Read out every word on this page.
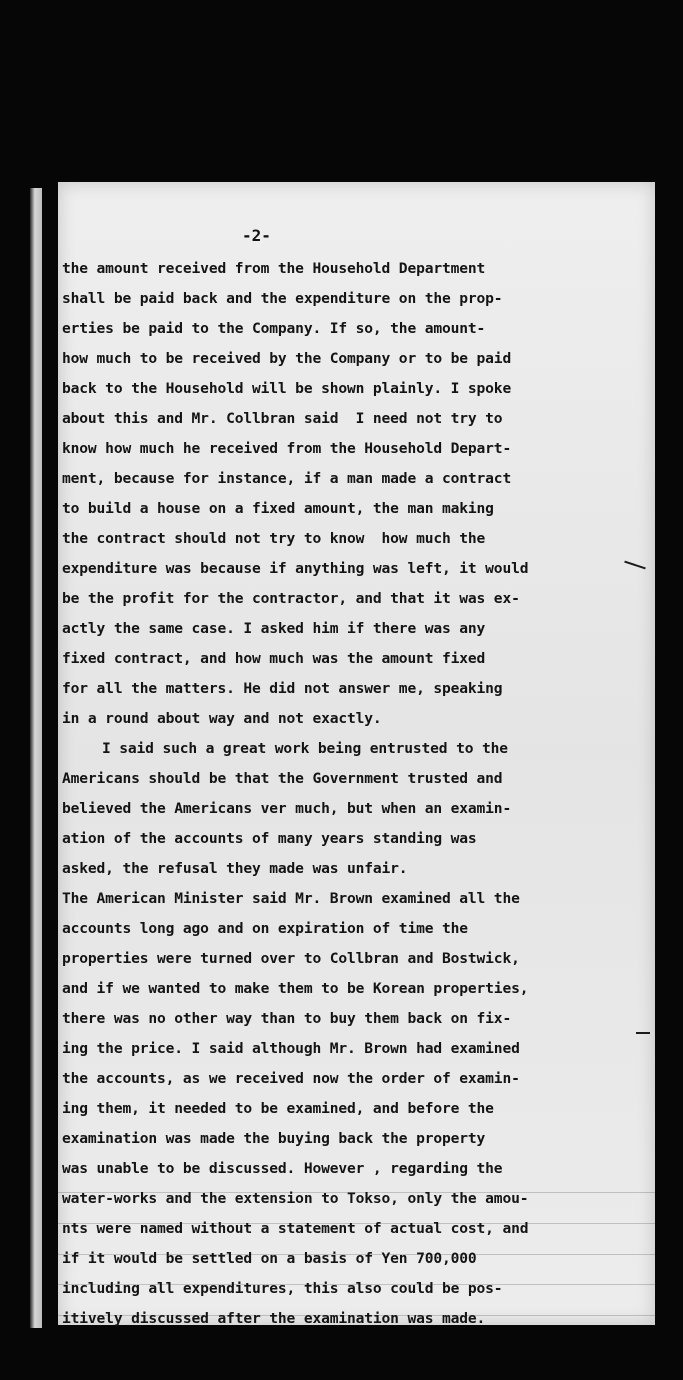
-2-
the amount received from the Household Department
shall be paid back and the expenditure on the prop-
erties be paid to the Company. If so, the amount-
how much to be received by the Company or to be paid
back to the Household will be shown plainly. I spoke
about this and Mr. Collbran said  I need not try to
know how much he received from the Household Depart-
ment, because for instance, if a man made a contract
to build a house on a fixed amount, the man making
the contract should not try to know  how much the
expenditure was because if anything was left, it would
be the profit for the contractor, and that it was ex-
actly the same case. I asked him if there was any
fixed contract, and how much was the amount fixed
for all the matters. He did not answer me, speaking
in a round about way and not exactly.
I said such a great work being entrusted to the
Americans should be that the Government trusted and
believed the Americans ver much, but when an examin-
ation of the accounts of many years standing was
asked, the refusal they made was unfair.
The American Minister said Mr. Brown examined all the
accounts long ago and on expiration of time the
properties were turned over to Collbran and Bostwick,
and if we wanted to make them to be Korean properties,
there was no other way than to buy them back on fix-
ing the price. I said although Mr. Brown had examined
the accounts, as we received now the order of examin-
ing them, it needed to be examined, and before the
examination was made the buying back the property
was unable to be discussed. However , regarding the
water-works and the extension to Tokso, only the amou-
nts were named without a statement of actual cost, and
if it would be settled on a basis of Yen 700,000
including all expenditures, this also could be pos-
itively discussed after the examination was made.
